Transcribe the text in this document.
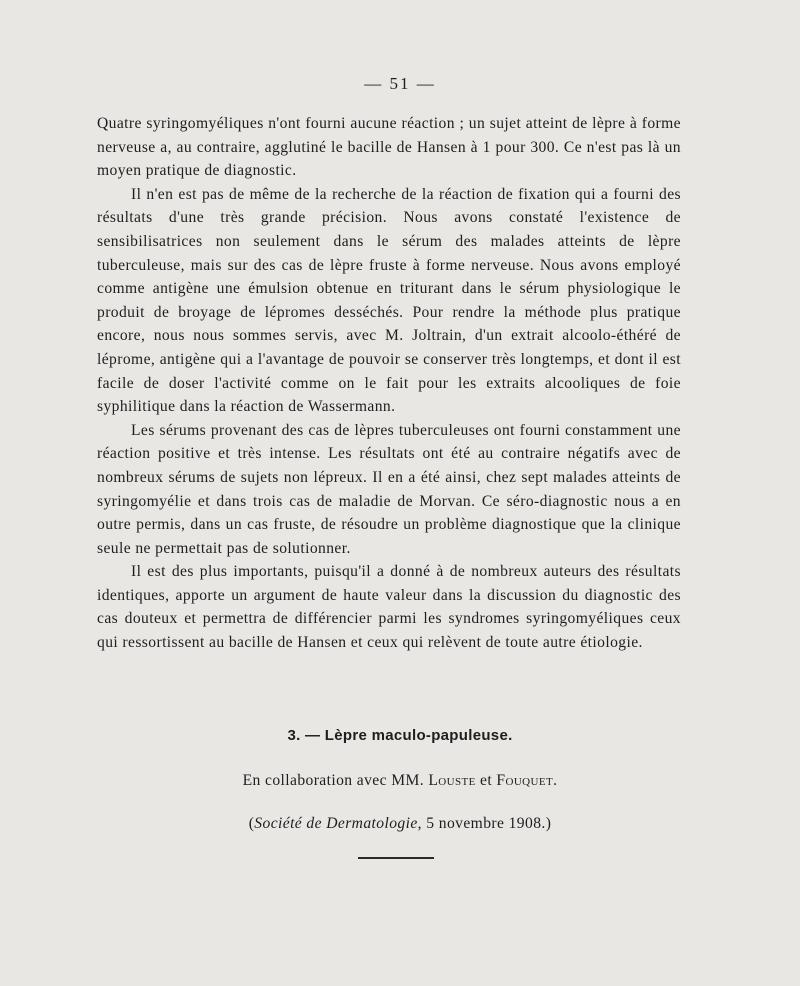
— 51 —

Quatre syringomyéliques n'ont fourni aucune réaction ; un sujet atteint de lèpre à forme nerveuse a, au contraire, agglutiné le bacille de Hansen à 1 pour 300. Ce n'est pas là un moyen pratique de diagnostic.

Il n'en est pas de même de la recherche de la réaction de fixation qui a fourni des résultats d'une très grande précision. Nous avons constaté l'existence de sensibilisatrices non seulement dans le sérum des malades atteints de lèpre tuberculeuse, mais sur des cas de lèpre fruste à forme nerveuse. Nous avons employé comme antigène une émulsion obtenue en triturant dans le sérum physiologique le produit de broyage de lépromes desséchés. Pour rendre la méthode plus pratique encore, nous nous sommes servis, avec M. Joltrain, d'un extrait alcoolo-éthéré de léprome, antigène qui a l'avantage de pouvoir se conserver très longtemps, et dont il est facile de doser l'activité comme on le fait pour les extraits alcooliques de foie syphilitique dans la réaction de Wassermann.

Les sérums provenant des cas de lèpres tuberculeuses ont fourni constamment une réaction positive et très intense. Les résultats ont été au contraire négatifs avec de nombreux sérums de sujets non lépreux. Il en a été ainsi, chez sept malades atteints de syringomyélie et dans trois cas de maladie de Morvan. Ce séro-diagnostic nous a en outre permis, dans un cas fruste, de résoudre un problème diagnostique que la clinique seule ne permettait pas de solutionner.

Il est des plus importants, puisqu'il a donné à de nombreux auteurs des résultats identiques, apporte un argument de haute valeur dans la discussion du diagnostic des cas douteux et permettra de différencier parmi les syndromes syringomyéliques ceux qui ressortissent au bacille de Hansen et ceux qui relèvent de toute autre étiologie.

3. — Lèpre maculo-papuleuse.
En collaboration avec MM. Louste et Fouquet.
(Société de Dermatologie, 5 novembre 1908.)
